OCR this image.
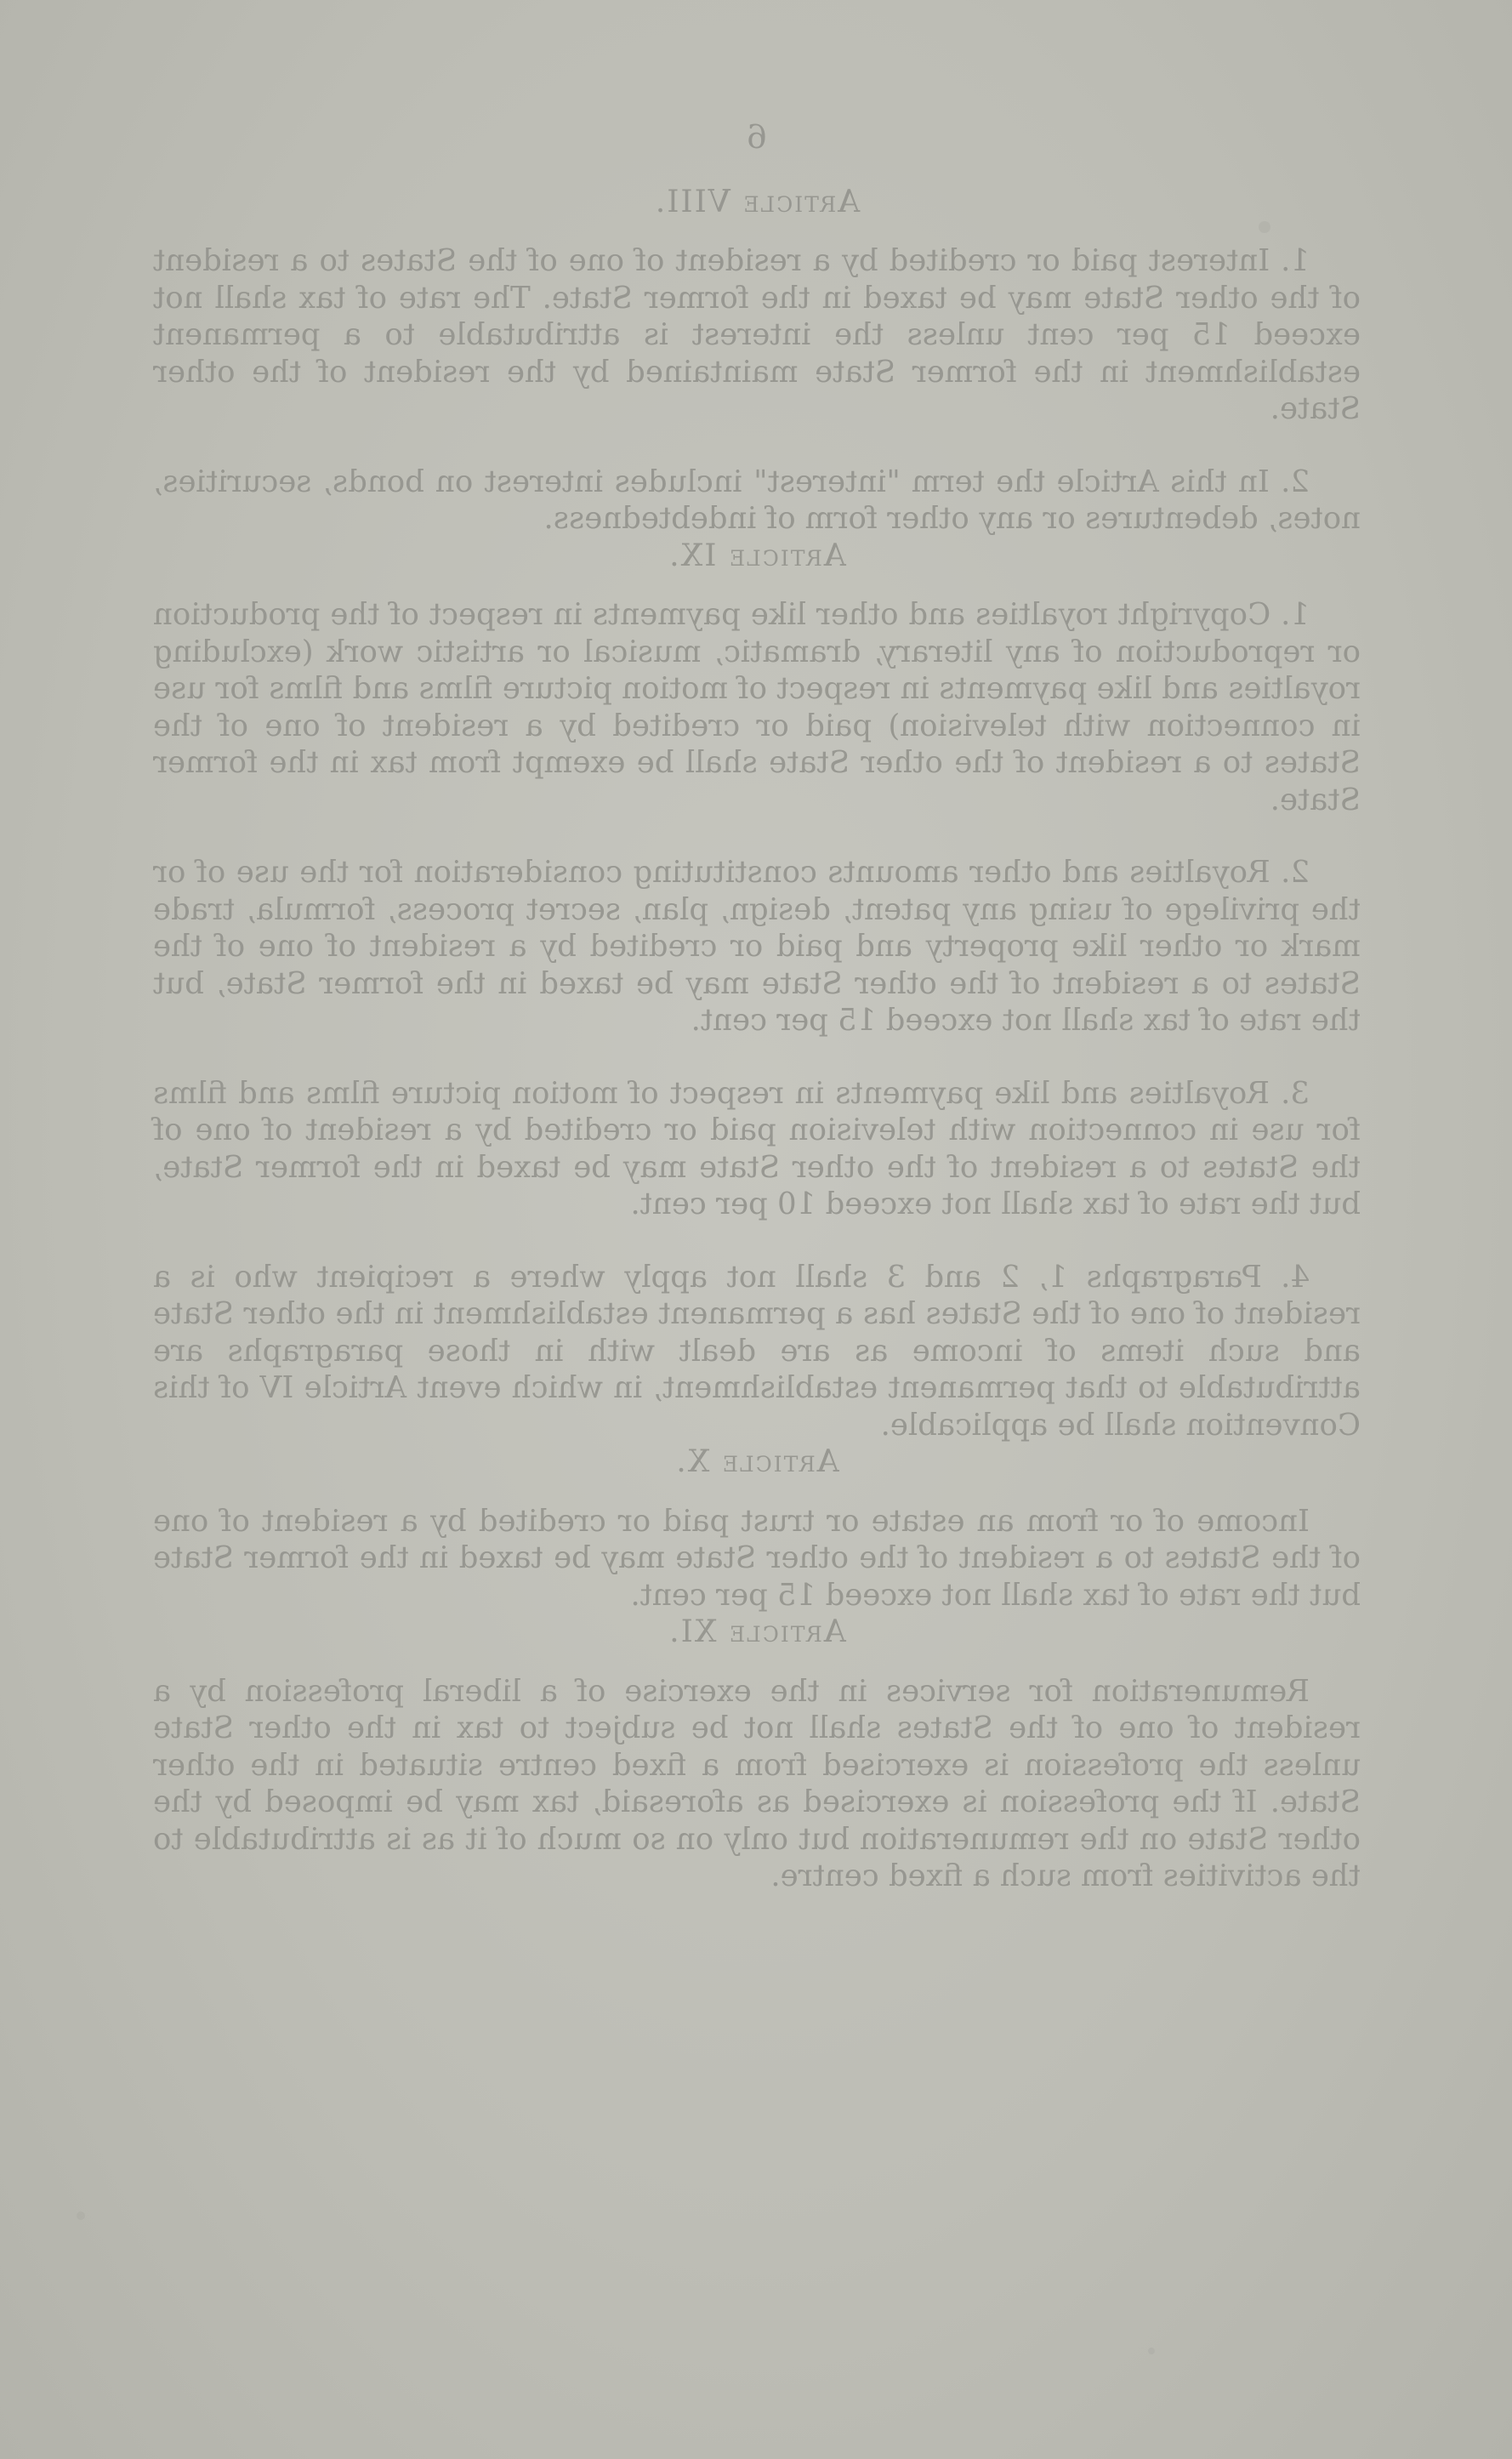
6
Article VIII.

1. Interest paid or credited by a resident of one of the States to a resident of the other State may be taxed in the former State. The rate of tax shall not exceed 15 per cent unless the interest is attributable to a permanent establishment in the former State maintained by the resident of the other State.

2. In this Article the term "interest" includes interest on bonds, securities, notes, debentures or any other form of indebtedness.

Article IX.

1. Copyright royalties and other like payments in respect of the production or reproduction of any literary, dramatic, musical or artistic work (excluding royalties and like payments in respect of motion picture films and films for use in connection with television) paid or credited by a resident of one of the States to a resident of the other State shall be exempt from tax in the former State.

2. Royalties and other amounts constituting consideration for the use of or the privilege of using any patent, design, plan, secret process, formula, trade mark or other like property and paid or credited by a resident of one of the States to a resident of the other State may be taxed in the former State, but the rate of tax shall not exceed 15 per cent.

3. Royalties and like payments in respect of motion picture films and films for use in connection with television paid or credited by a resident of one of the States to a resident of the other State may be taxed in the former State, but the rate of tax shall not exceed 10 per cent.

4. Paragraphs 1, 2 and 3 shall not apply where a recipient who is a resident of one of the States has a permanent establishment in the other State and such items of income as are dealt with in those paragraphs are attributable to that permanent establishment, in which event Article IV of this Convention shall be applicable.

Article X.

Income of or from an estate or trust paid or credited by a resident of one of the States to a resident of the other State may be taxed in the former State but the rate of tax shall not exceed 15 per cent.

Article XI.

Remuneration for services in the exercise of a liberal profession by a resident of one of the States shall not be subject to tax in the other State unless the profession is exercised from a fixed centre situated in the other State. If the profession is exercised as aforesaid, tax may be imposed by the other State on the remuneration but only on so much of it as is attributable to the activities from such a fixed centre.
